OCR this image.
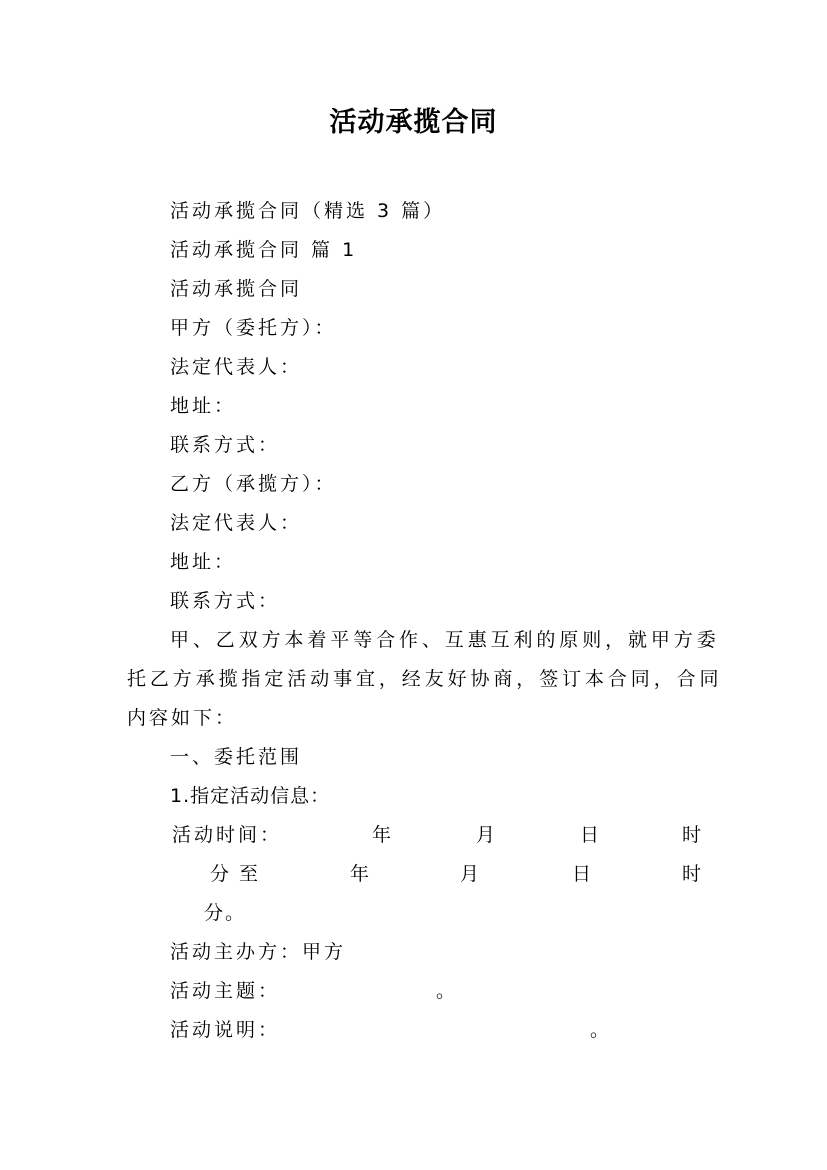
活动承揽合同
活动承揽合同（精选 3 篇）
活动承揽合同 篇 1
活动承揽合同
甲方（委托方）：
法定代表人：
地址：
联系方式：
乙方（承揽方）：
法定代表人：
地址：
联系方式：
甲、乙双方本着平等合作、互惠互利的原则，就甲方委
托乙方承揽指定活动事宜，经友好协商，签订本合同，合同
内容如下：
一、委托范围
1.指定活动信息：
活动时间：	年	月	日	时
分 至	年	月	日	时
分。
活动主办方：甲方
活动主题：	。
活动说明：	。
